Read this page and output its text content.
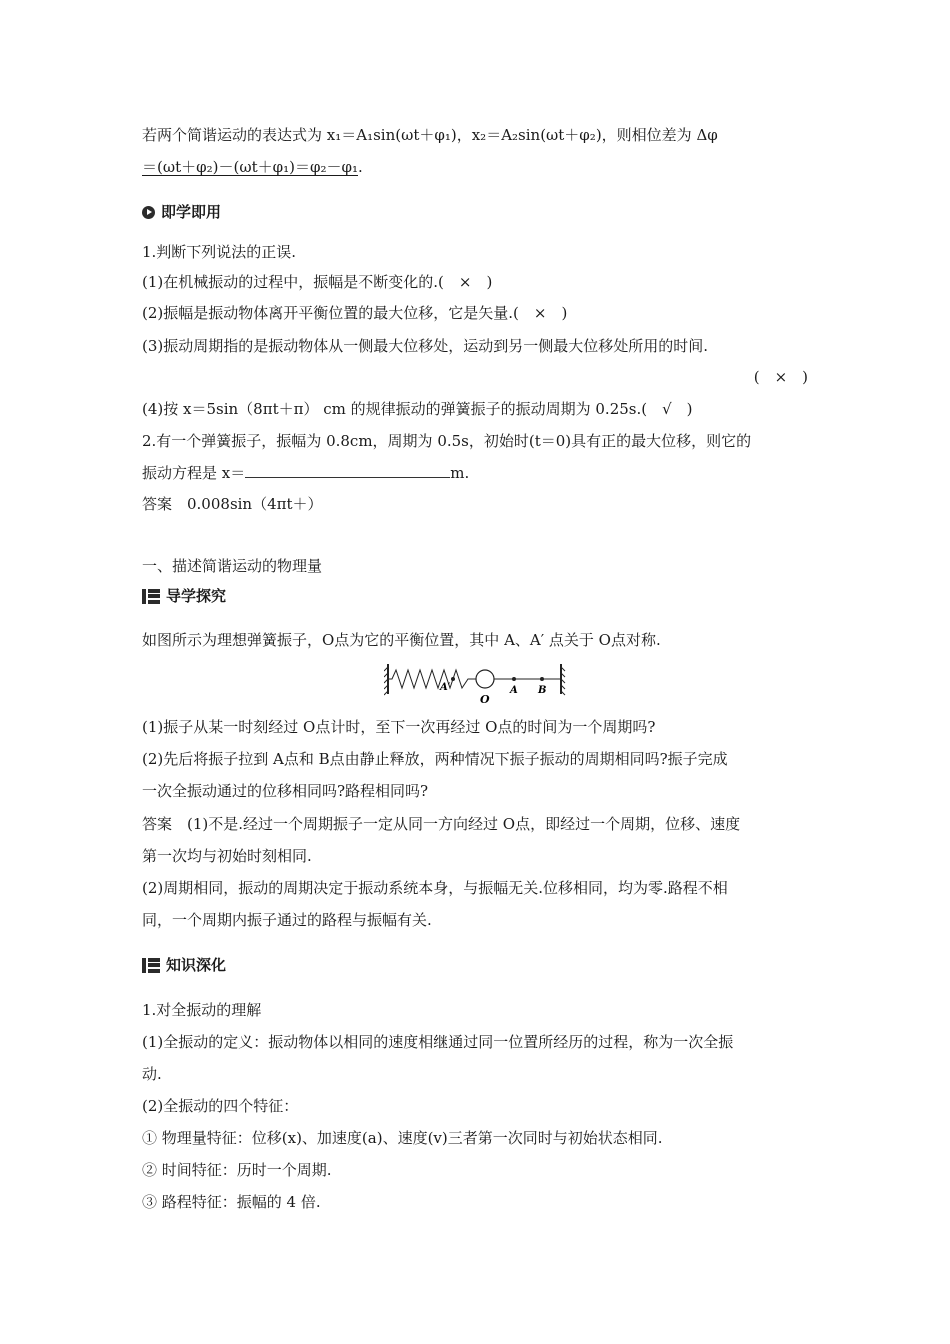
若两个简谐运动的表达式为 x₁＝A₁sin(ωt＋φ₁)，x₂＝A₂sin(ωt＋φ₂)，则相位差为 Δφ
＝(ωt＋φ₂)－(ωt＋φ₁)＝φ₂－φ₁.
即学即用
1.判断下列说法的正误.
(1)在机械振动的过程中，振幅是不断变化的.(　×　)
(2)振幅是振动物体离开平衡位置的最大位移，它是矢量.(　×　)
(3)振动周期指的是振动物体从一侧最大位移处，运动到另一侧最大位移处所用的时间.
(　×　)
(4)按 x＝5sin（8πt＋π） cm 的规律振动的弹簧振子的振动周期为 0.25s.(　√　)
2.有一个弹簧振子，振幅为 0.8cm，周期为 0.5s，初始时(t＝0)具有正的最大位移，则它的
振动方程是 x＝	m.
答案　0.008sin（4πt＋）
一、描述简谐运动的物理量
导学探究
如图所示为理想弹簧振子，O点为它的平衡位置，其中 A、A′ 点关于 O点对称.
A′
O
A B
(1)振子从某一时刻经过 O点计时，至下一次再经过 O点的时间为一个周期吗?
(2)先后将振子拉到 A点和 B点由静止释放，两种情况下振子振动的周期相同吗?振子完成
一次全振动通过的位移相同吗?路程相同吗?
答案　(1)不是.经过一个周期振子一定从同一方向经过 O点，即经过一个周期，位移、速度
第一次均与初始时刻相同.
(2)周期相同，振动的周期决定于振动系统本身，与振幅无关.位移相同，均为零.路程不相
同，一个周期内振子通过的路程与振幅有关.
知识深化
1.对全振动的理解
(1)全振动的定义：振动物体以相同的速度相继通过同一位置所经历的过程，称为一次全振
动.
(2)全振动的四个特征：
① 物理量特征：位移(x)、加速度(a)、速度(v)三者第一次同时与初始状态相同.
② 时间特征：历时一个周期.
③ 路程特征：振幅的 4 倍.
